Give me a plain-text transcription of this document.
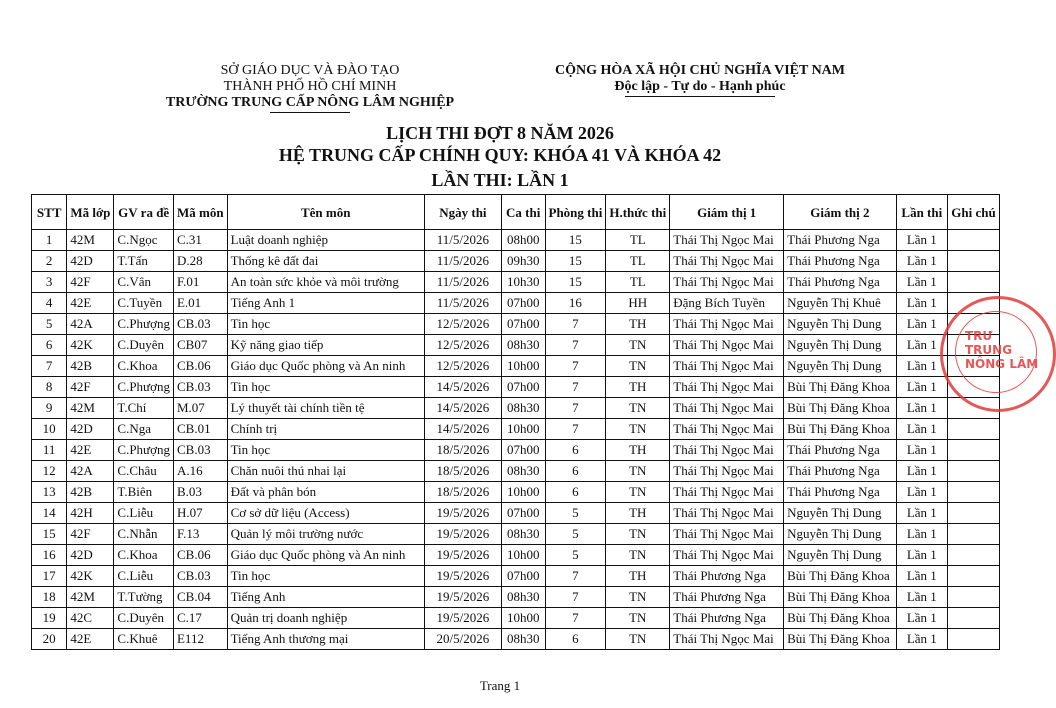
SỞ GIÁO DỤC VÀ ĐÀO TẠO
THÀNH PHỐ HỒ CHÍ MINH
TRƯỜNG TRUNG CẤP NÔNG LÂM NGHIỆP
CỘNG HÒA XÃ HỘI CHỦ NGHĨA VIỆT NAM
Độc lập - Tự do - Hạnh phúc
LỊCH THI ĐỢT 8 NĂM 2026
HỆ TRUNG CẤP CHÍNH QUY: KHÓA 41 VÀ KHÓA 42
LẦN THI: LẦN 1
STT	Mã lớp	GV ra đề	Mã môn	Tên môn	Ngày thi	Ca thi	Phòng thi	H.thức thi	Giám thị 1	Giám thị 2	Lần thi	Ghi chú
1	42M	C.Ngọc	C.31	Luật doanh nghiệp	11/5/2026	08h00	15	TL	Thái Thị Ngọc Mai	Thái Phương Nga	Lần 1	
2	42D	T.Tấn	D.28	Thống kê đất đai	11/5/2026	09h30	15	TL	Thái Thị Ngọc Mai	Thái Phương Nga	Lần 1	
3	42F	C.Vân	F.01	An toàn sức khỏe và môi trường	11/5/2026	10h30	15	TL	Thái Thị Ngọc Mai	Thái Phương Nga	Lần 1	
4	42E	C.Tuyền	E.01	Tiếng Anh 1	11/5/2026	07h00	16	HH	Đặng Bích Tuyền	Nguyễn Thị Khuê	Lần 1	
5	42A	C.Phượng	CB.03	Tin học	12/5/2026	07h00	7	TH	Thái Thị Ngọc Mai	Nguyễn Thị Dung	Lần 1	
6	42K	C.Duyên	CB07	Kỹ năng giao tiếp	12/5/2026	08h30	7	TN	Thái Thị Ngọc Mai	Nguyễn Thị Dung	Lần 1	
7	42B	C.Khoa	CB.06	Giáo dục Quốc phòng và An ninh	12/5/2026	10h00	7	TN	Thái Thị Ngọc Mai	Nguyễn Thị Dung	Lần 1	
8	42F	C.Phượng	CB.03	Tin học	14/5/2026	07h00	7	TH	Thái Thị Ngọc Mai	Bùi Thị Đăng Khoa	Lần 1	
9	42M	T.Chí	M.07	Lý thuyết tài chính tiền tệ	14/5/2026	08h30	7	TN	Thái Thị Ngọc Mai	Bùi Thị Đăng Khoa	Lần 1	
10	42D	C.Nga	CB.01	Chính trị	14/5/2026	10h00	7	TN	Thái Thị Ngọc Mai	Bùi Thị Đăng Khoa	Lần 1	
11	42E	C.Phượng	CB.03	Tin học	18/5/2026	07h00	6	TH	Thái Thị Ngọc Mai	Thái Phương Nga	Lần 1	
12	42A	C.Châu	A.16	Chăn nuôi thú nhai lại	18/5/2026	08h30	6	TN	Thái Thị Ngọc Mai	Thái Phương Nga	Lần 1	
13	42B	T.Biên	B.03	Đất và phân bón	18/5/2026	10h00	6	TN	Thái Thị Ngọc Mai	Thái Phương Nga	Lần 1	
14	42H	C.Liễu	H.07	Cơ sở dữ liệu (Access)	19/5/2026	07h00	5	TH	Thái Thị Ngọc Mai	Nguyễn Thị Dung	Lần 1	
15	42F	C.Nhẫn	F.13	Quản lý môi trường nước	19/5/2026	08h30	5	TN	Thái Thị Ngọc Mai	Nguyễn Thị Dung	Lần 1	
16	42D	C.Khoa	CB.06	Giáo dục Quốc phòng và An ninh	19/5/2026	10h00	5	TN	Thái Thị Ngọc Mai	Nguyễn Thị Dung	Lần 1	
17	42K	C.Liễu	CB.03	Tin học	19/5/2026	07h00	7	TH	Thái Phương Nga	Bùi Thị Đăng Khoa	Lần 1	
18	42M	T.Tường	CB.04	Tiếng Anh	19/5/2026	08h30	7	TN	Thái Phương Nga	Bùi Thị Đăng Khoa	Lần 1	
19	42C	C.Duyên	C.17	Quản trị doanh nghiệp	19/5/2026	10h00	7	TN	Thái Phương Nga	Bùi Thị Đăng Khoa	Lần 1	
20	42E	C.Khuê	E112	Tiếng Anh thương mại	20/5/2026	08h30	6	TN	Thái Thị Ngọc Mai	Bùi Thị Đăng Khoa	Lần 1	
TRƯ
TRUNG
NÔNG LÂM
Trang 1
